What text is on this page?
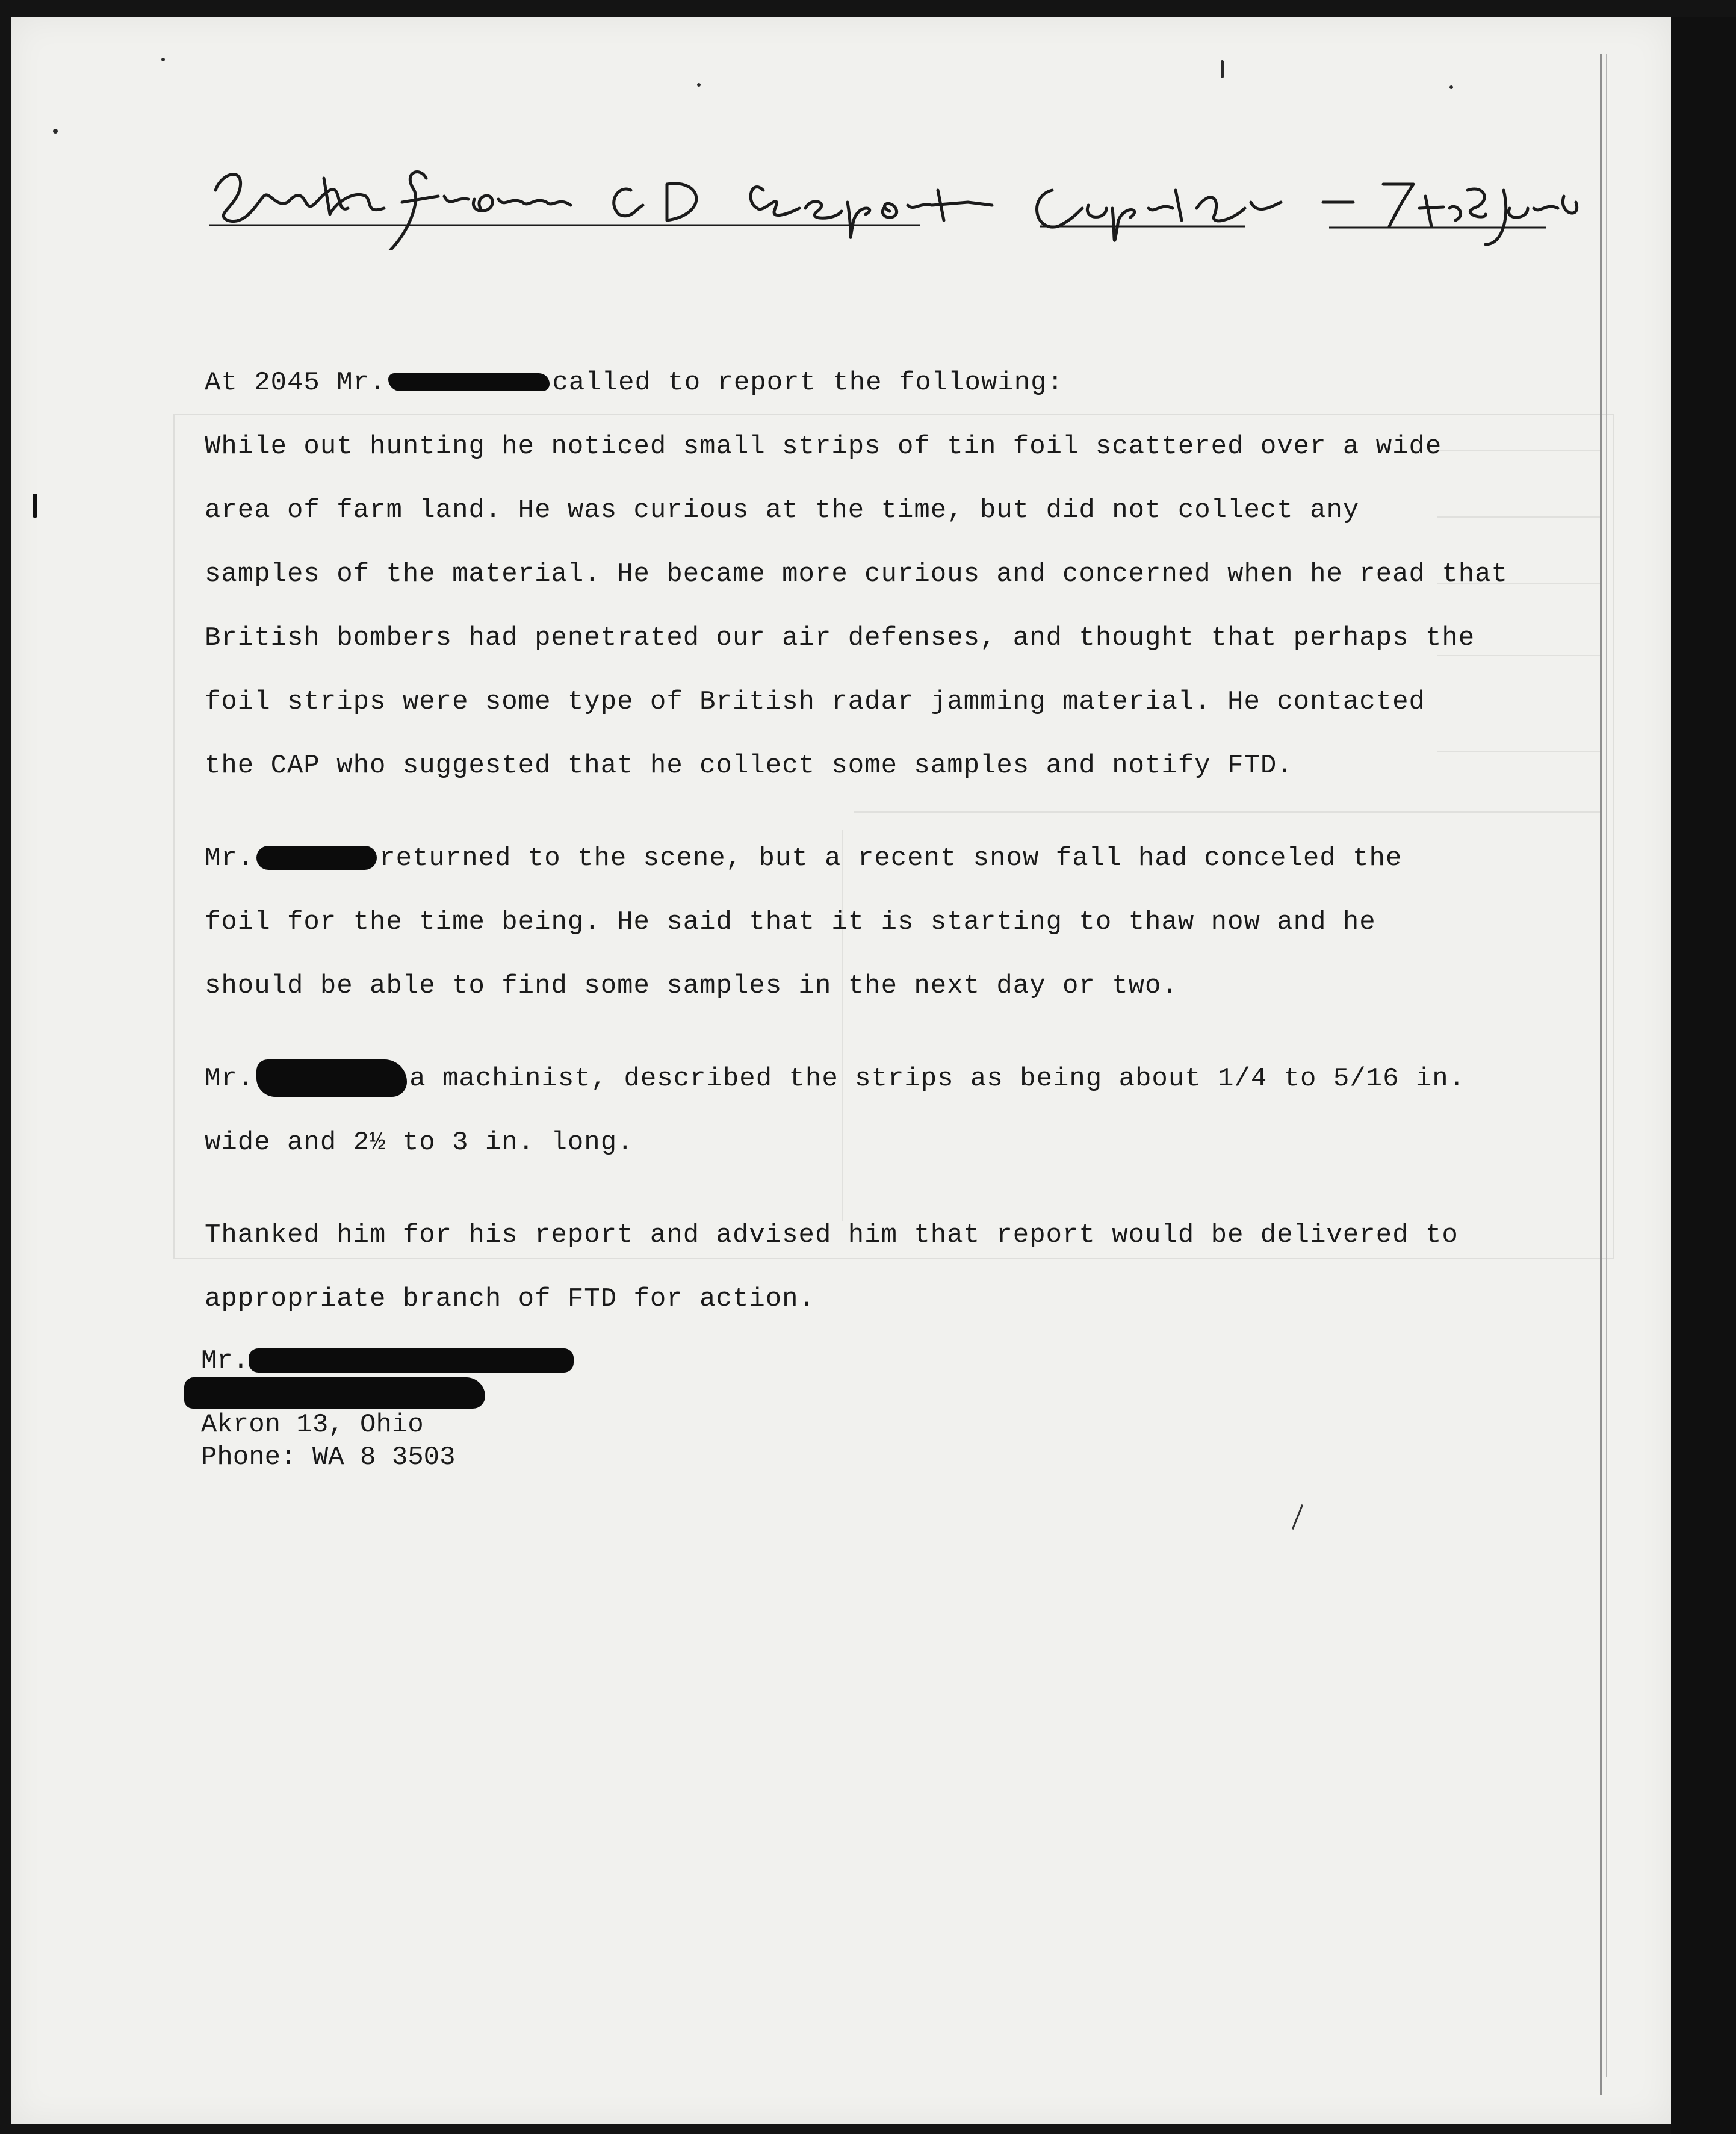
At 2045 Mr.	called to report the following:
While out hunting he noticed small strips of tin foil scattered over a wide
area of farm land. He was curious at the time, but did not collect any
samples of the material. He became more curious and concerned when he read that
British bombers had penetrated our air defenses, and thought that perhaps the
foil strips were some type of British radar jamming material. He contacted
the CAP who suggested that he collect some samples and notify FTD.
Mr.	returned to the scene, but a recent snow fall had conceled the
foil for the time being. He said that it is starting to thaw now and he
should be able to find some samples in the next day or two.
Mr.	a machinist, described the strips as being about 1/4 to 5/16 in.
wide and 2½ to 3 in. long.
Thanked him for his report and advised him that report would be delivered to
appropriate branch of FTD for action.
Mr.
Akron 13, Ohio
Phone: WA 8 3503
